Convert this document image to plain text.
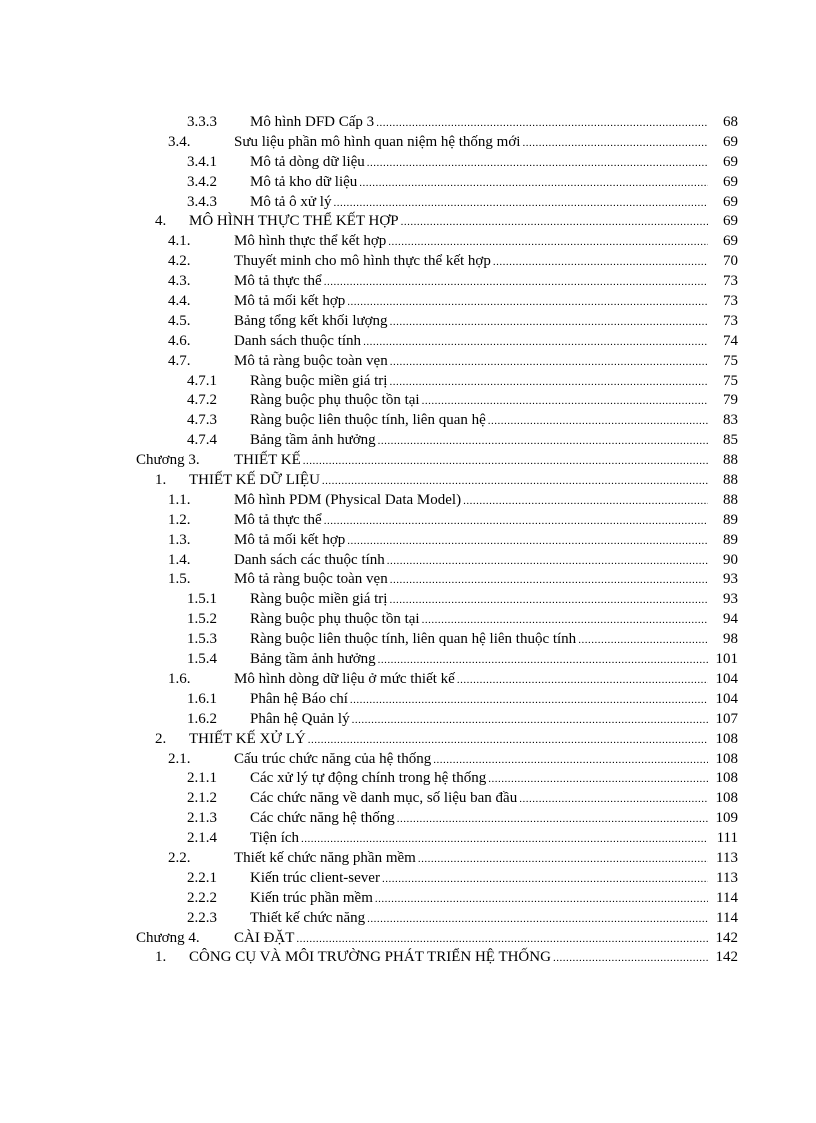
3.3.3 Mô hình DFD Cấp 3 .....	68
3.4.	Sưu liệu phần mô hình quan niệm hệ thống mới .....	69
3.4.1 Mô tả dòng dữ liệu .....	69
3.4.2 Mô tả kho dữ liệu .....	69
3.4.3 Mô tả ô xử lý .....	69
4. MÔ HÌNH THỰC THỂ KẾT HỢP .....	69
4.1.	Mô hình thực thể kết hợp .....	69
4.2.	Thuyết minh cho mô hình thực thể kết hợp .....	70
4.3.	Mô tả thực thể .....	73
4.4.	Mô tả mối kết hợp .....	73
4.5.	Bảng tổng kết khối lượng .....	73
4.6.	Danh sách thuộc tính .....	74
4.7.	Mô tả ràng buộc toàn vẹn .....	75
4.7.1 Ràng buộc miền giá trị .....	75
4.7.2 Ràng buộc phụ thuộc tồn tại .....	79
4.7.3 Ràng buộc liên thuộc tính, liên quan hệ .....	83
4.7.4 Bảng tầm ảnh hưởng .....	85
Chương 3. THIẾT KẾ .....	88
1. THIẾT KẾ DỮ LIỆU .....	88
1.1.	Mô hình PDM (Physical Data Model) .....	88
1.2.	Mô tả thực thể .....	89
1.3.	Mô tả mối kết hợp .....	89
1.4.	Danh sách các thuộc tính .....	90
1.5.	Mô tả ràng buộc toàn vẹn .....	93
1.5.1 Ràng buộc miền giá trị .....	93
1.5.2 Ràng buộc phụ thuộc tồn tại .....	94
1.5.3 Ràng buộc liên thuộc tính, liên quan hệ liên thuộc tính .....	98
1.5.4 Bảng tầm ảnh hưởng .....	101
1.6.	Mô hình dòng dữ liệu ở mức thiết kế .....	104
1.6.1 Phân hệ Báo chí .....	104
1.6.2 Phân hệ Quản lý .....	107
2. THIẾT KẾ XỬ LÝ .....	108
2.1.	Cấu trúc chức năng của hệ thống .....	108
2.1.1 Các xử lý tự động chính trong hệ thống .....	108
2.1.2 Các chức năng về danh mục, số liệu ban đầu .....	108
2.1.3 Các chức năng hệ thống .....	109
2.1.4 Tiện ích .....	111
2.2.	Thiết kế chức năng phần mềm .....	113
2.2.1 Kiến trúc client-sever .....	113
2.2.2 Kiến trúc phần mềm .....	114
2.2.3 Thiết kế chức năng .....	114
Chương 4. CÀI ĐẶT .....	142
1. CÔNG CỤ VÀ MÔI TRƯỜNG PHÁT TRIỂN HỆ THỐNG .....	142
